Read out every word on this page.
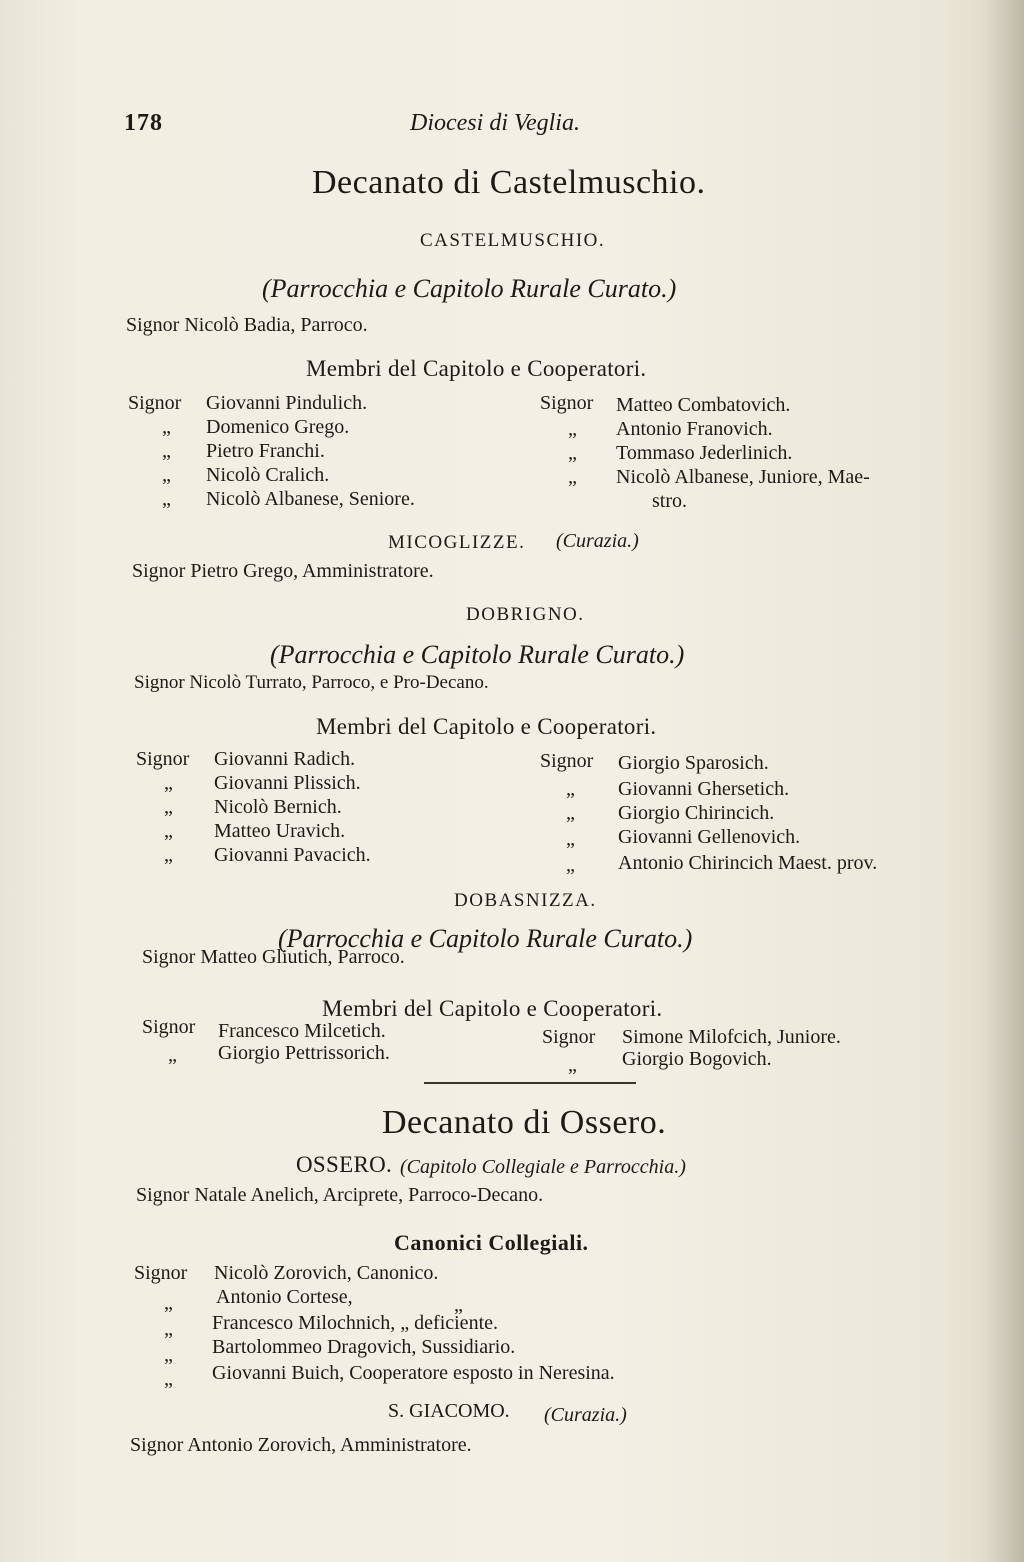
178	Diocesi di Veglia.
Decanato di Castelmuschio.
CASTELMUSCHIO.
(Parrocchia e Capitolo Rurale Curato.)
Signor Nicolò Badia, Parroco.
Membri del Capitolo e Cooperatori.
Signor	Giovanni Pindulich.
„ Domenico Grego.
„ Pietro Franchi.
„ Nicolò Cralich.
„ Nicolò Albanese, Seniore.
Signor Matteo Combatovich.
„ Antonio Franovich.
„ Tommaso Jederlinich.
„ Nicolò Albanese, Juniore, Mae-
stro.
MICOGLIZZE. (Curazia.)
Signor Pietro Grego, Amministratore.
DOBRIGNO.
(Parrocchia e Capitolo Rurale Curato.)
Signor Nicolò Turrato, Parroco, e Pro-Decano.
Membri del Capitolo e Cooperatori.
Signor Giovanni Radich.
„ Giovanni Plissich.
„ Nicolò Bernich.
„ Matteo Uravich.
„ Giovanni Pavacich.
Signor Giorgio Sparosich.
„ Giovanni Ghersetich.
„ Giorgio Chirincich.
„ Giovanni Gellenovich.
„ Antonio Chirincich Maest. prov.
DOBASNIZZA.
(Parrocchia e Capitolo Rurale Curato.)
Signor Matteo Gliutich, Parroco.
Membri del Capitolo e Cooperatori.
Signor Francesco Milcetich.
„ Giorgio Pettrissorich.
Signor Simone Milofcich, Juniore.
„ Giorgio Bogovich.
Decanato di Ossero.
OSSERO. (Capitolo Collegiale e Parrocchia.)
Signor Natale Anelich, Arciprete, Parroco-Decano.
Canonici Collegiali.
Signor Nicolò Zorovich, Canonico.
„ Antonio Cortese,	„
„ Francesco Milochnich, „ deficiente.
„ Bartolommeo Dragovich, Sussidiario.
„ Giovanni Buich, Cooperatore esposto in Neresina.
S. GIACOMO. (Curazia.)
Signor Antonio Zorovich, Amministratore.
